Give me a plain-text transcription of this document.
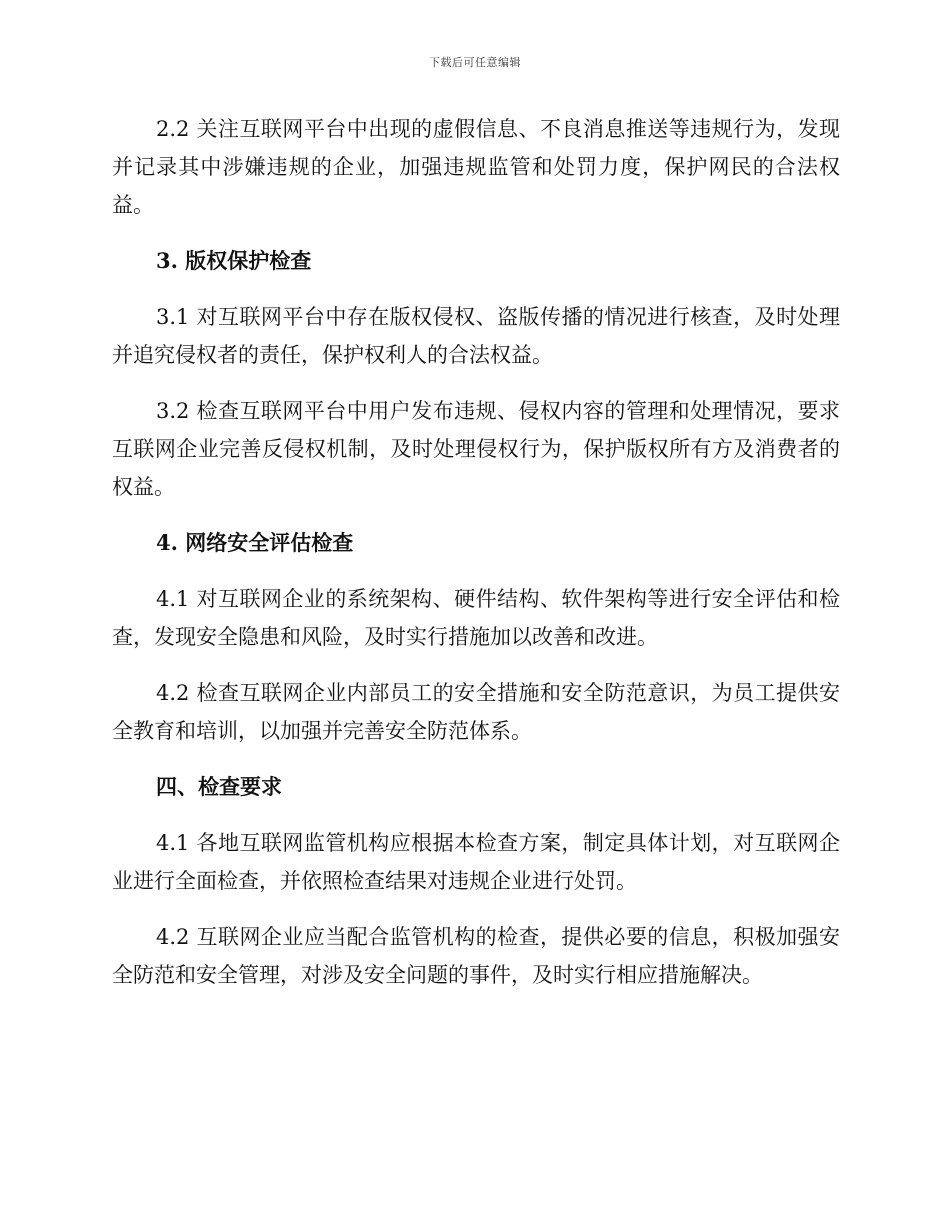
下载后可任意编辑

2.2 关注互联网平台中出现的虚假信息、不良消息推送等违规行为，发现并记录其中涉嫌违规的企业，加强违规监管和处罚力度，保护网民的合法权益。

3. 版权保护检查

3.1 对互联网平台中存在版权侵权、盗版传播的情况进行核查，及时处理并追究侵权者的责任，保护权利人的合法权益。

3.2 检查互联网平台中用户发布违规、侵权内容的管理和处理情况，要求互联网企业完善反侵权机制，及时处理侵权行为，保护版权所有方及消费者的权益。

4. 网络安全评估检查

4.1 对互联网企业的系统架构、硬件结构、软件架构等进行安全评估和检查，发现安全隐患和风险，及时实行措施加以改善和改进。

4.2 检查互联网企业内部员工的安全措施和安全防范意识，为员工提供安全教育和培训，以加强并完善安全防范体系。

四、检查要求

4.1 各地互联网监管机构应根据本检查方案，制定具体计划，对互联网企业进行全面检查，并依照检查结果对违规企业进行处罚。

4.2 互联网企业应当配合监管机构的检查，提供必要的信息，积极加强安全防范和安全管理，对涉及安全问题的事件，及时实行相应措施解决。
